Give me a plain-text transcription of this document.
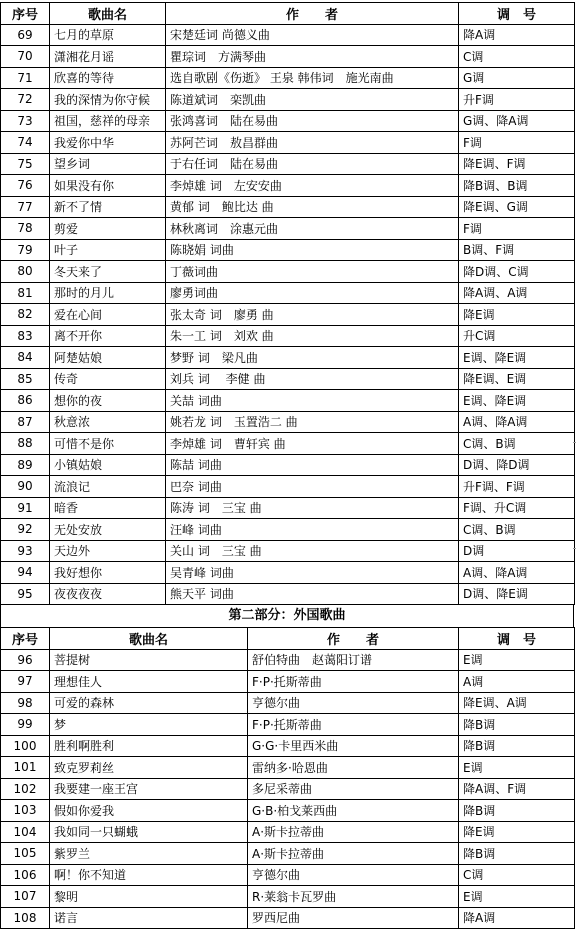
序号	歌曲名	作　　者	调　号
69	七月的草原	宋楚廷词 尚德义曲	降A调
70	潇湘花月谣	瞿琮词　方满琴曲	C调
71	欣喜的等待	选自歌剧《伤逝》 王泉 韩伟词　施光南曲	G调
72	我的深情为你守候	陈道斌词　栾凯曲	升F调
73	祖国，慈祥的母亲	张鸿喜词　陆在易曲	G调、降A调
74	我爱你中华	苏阿芒词　敖昌群曲	F调
75	望乡词	于右任词　陆在易曲	降E调、F调
76	如果没有你	李焯雄 词　左安安曲	降B调、B调
77	新不了情	黄郁 词　鲍比达 曲	降E调、G调
78	剪爱	林秋离词　涂惠元曲	F调
79	叶子	陈晓娟 词曲	B调、F调
80	冬天来了	丁薇词曲	降D调、C调
81	那时的月儿	廖勇词曲	降A调、A调
82	爱在心间	张太奇 词　廖勇 曲	降E调
83	离不开你	朱一工 词　刘欢 曲	升C调
84	阿楚姑娘	梦野 词　梁凡曲	E调、降E调
85	传奇	刘兵 词　 李健 曲	降E调、E调
86	想你的夜	关喆 词曲	E调、降E调
87	秋意浓	姚若龙 词　玉置浩二 曲	A调、降A调
88	可惜不是你	李焯雄 词　曹轩宾 曲	C调、B调
89	小镇姑娘	陈喆 词曲	D调、降D调
90	流浪记	巴奈 词曲	升F调、F调
91	暗香	陈涛 词　三宝 曲	F调、升C调
92	无处安放	汪峰 词曲	C调、B调
93	天边外	关山 词　三宝 曲	D调
94	我好想你	吴青峰 词曲	A调、降A调
95	夜夜夜夜	熊天平 词曲	D调、降E调
第二部分：外国歌曲
序号	歌曲名	作　　者	调　号
96	菩提树	舒伯特曲　赵蔼阳订谱	E调
97	理想佳人	F·P·托斯蒂曲	A调
98	可爱的森林	亨德尔曲	降E调、A调
99	梦	F·P·托斯蒂曲	降B调
100	胜利啊胜利	G·G·卡里西米曲	降B调
101	致克罗莉丝	雷纳多·哈恩曲	E调
102	我要建一座王宫	多尼采蒂曲	降A调、F调
103	假如你爱我	G·B·柏戈莱西曲	降B调
104	我如同一只蝴蛾	A·斯卡拉蒂曲	降E调
105	紫罗兰	A·斯卡拉蒂曲	降B调
106	啊！你不知道	亨德尔曲	C调
107	黎明	R·莱翁卡瓦罗曲	E调
108	诺言	罗西尼曲	降A调
